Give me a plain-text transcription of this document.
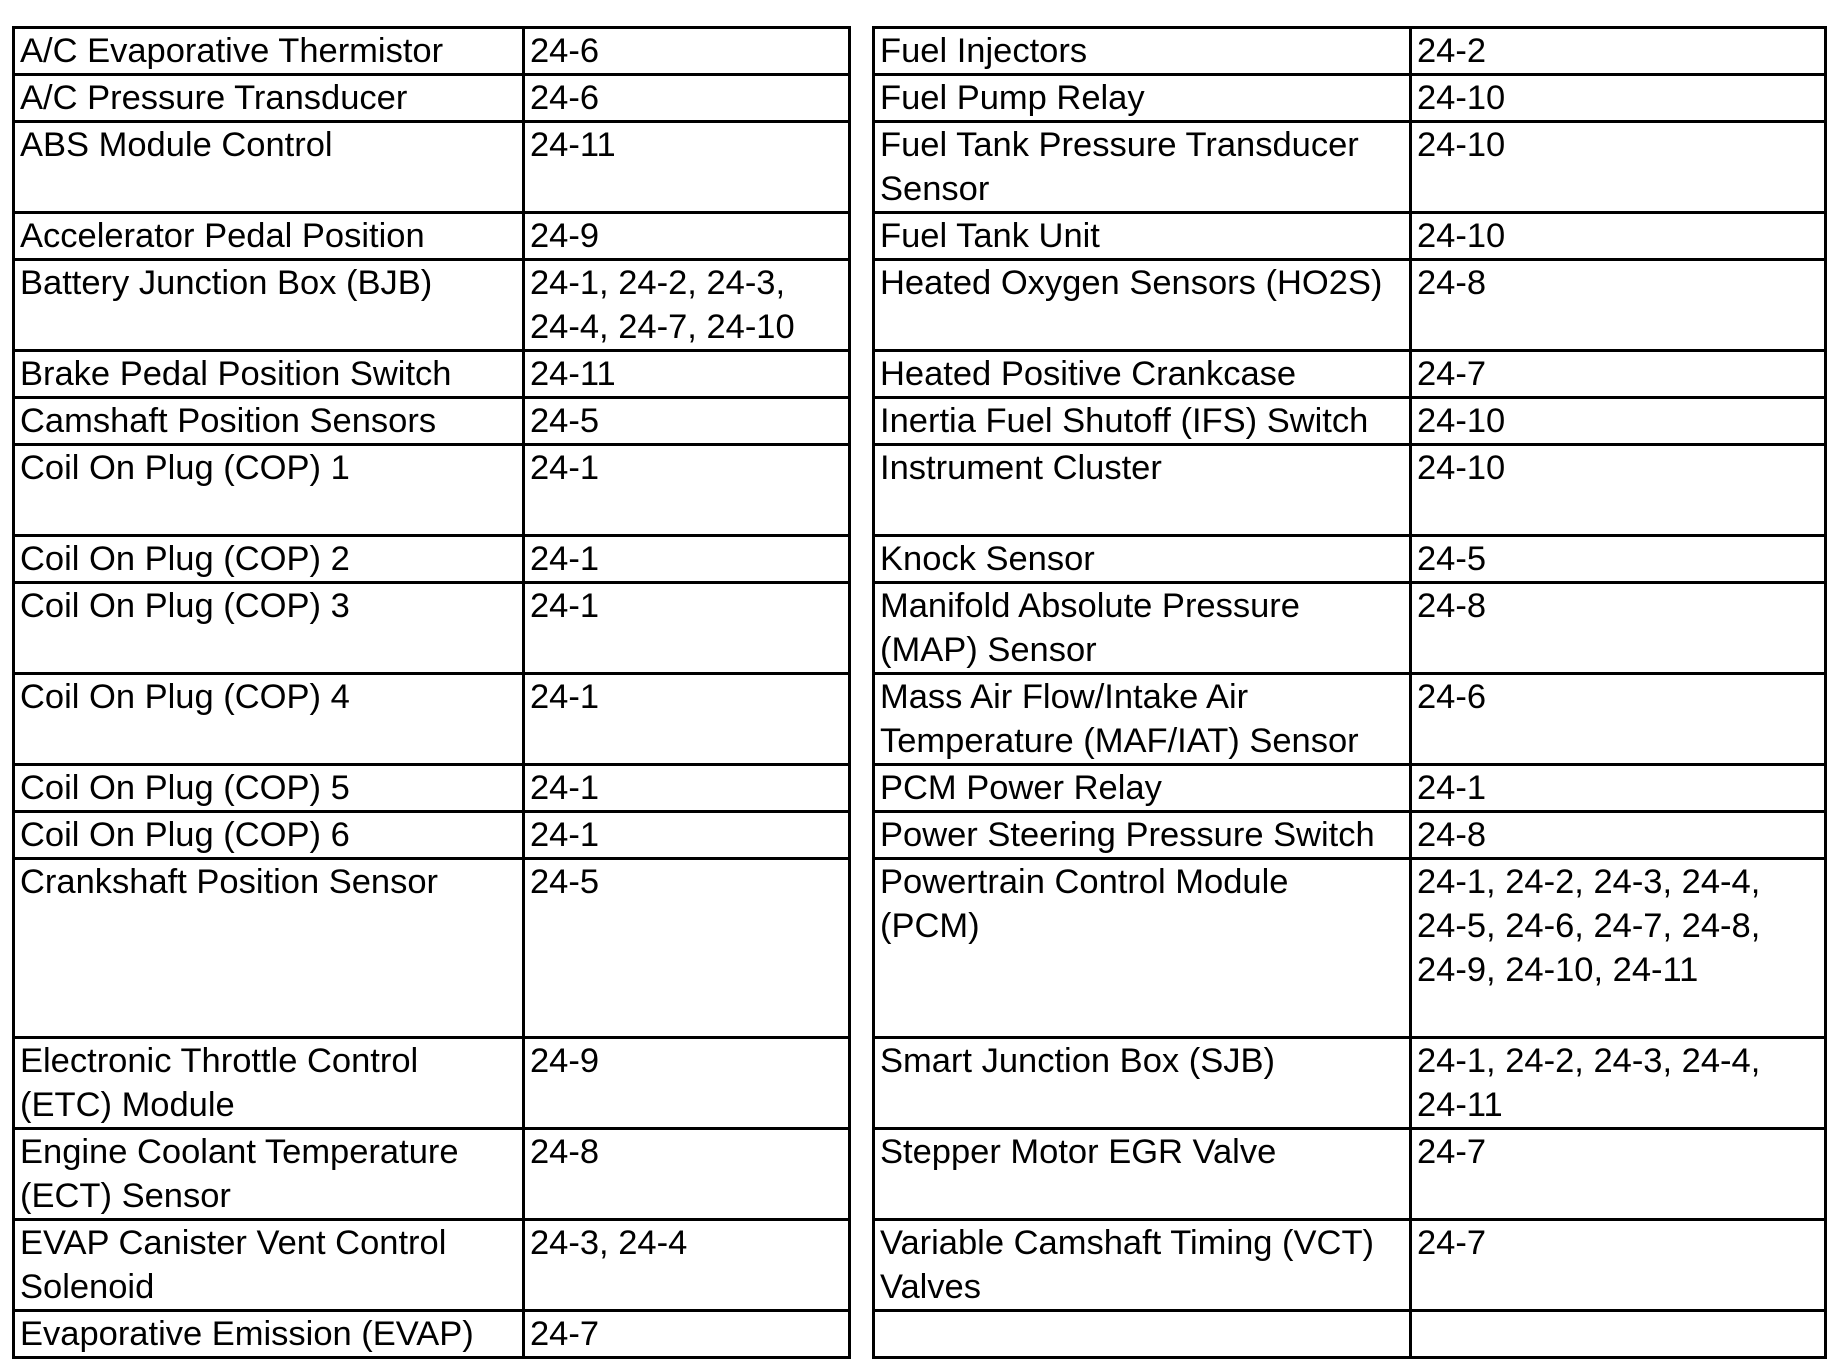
A/C Evaporative Thermistor	24-6
A/C Pressure Transducer	24-6
ABS Module Control	24-11
Accelerator Pedal Position	24-9
Battery Junction Box (BJB)	24-1, 24-2, 24-3,
24-4, 24-7, 24-10
Brake Pedal Position Switch	24-11
Camshaft Position Sensors	24-5
Coil On Plug (COP) 1	24-1
Coil On Plug (COP) 2	24-1
Coil On Plug (COP) 3	24-1
Coil On Plug (COP) 4	24-1
Coil On Plug (COP) 5	24-1
Coil On Plug (COP) 6	24-1
Crankshaft Position Sensor	24-5
Electronic Throttle Control
(ETC) Module	24-9
Engine Coolant Temperature
(ECT) Sensor	24-8
EVAP Canister Vent Control
Solenoid	24-3, 24-4
Evaporative Emission (EVAP)	24-7
Fuel Injectors	24-2
Fuel Pump Relay	24-10
Fuel Tank Pressure Transducer
Sensor	24-10
Fuel Tank Unit	24-10
Heated Oxygen Sensors (HO2S)	24-8
Heated Positive Crankcase	24-7
Inertia Fuel Shutoff (IFS) Switch	24-10
Instrument Cluster	24-10
Knock Sensor	24-5
Manifold Absolute Pressure
(MAP) Sensor	24-8
Mass Air Flow/Intake Air
Temperature (MAF/IAT) Sensor	24-6
PCM Power Relay	24-1
Power Steering Pressure Switch	24-8
Powertrain Control Module
(PCM)	24-1, 24-2, 24-3, 24-4,
24-5, 24-6, 24-7, 24-8,
24-9, 24-10, 24-11
Smart Junction Box (SJB)	24-1, 24-2, 24-3, 24-4,
24-11
Stepper Motor EGR Valve	24-7
Variable Camshaft Timing (VCT)
Valves	24-7
